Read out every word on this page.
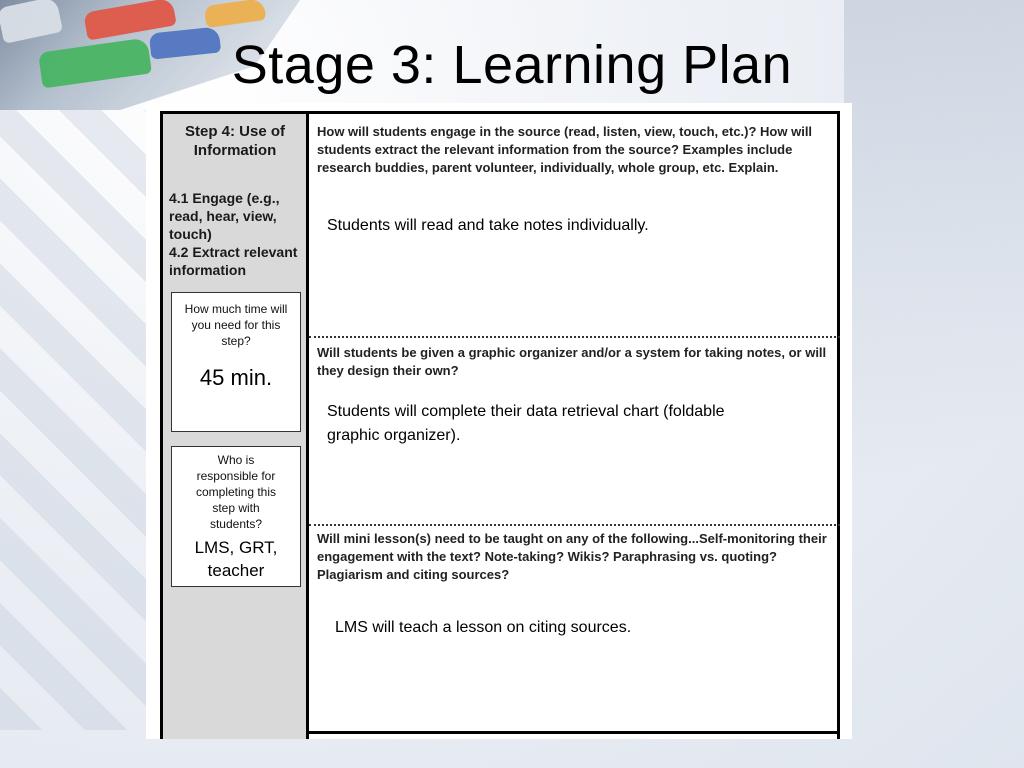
Stage 3: Learning Plan
Step 4: Use of Information
4.1 Engage (e.g., read, hear, view, touch)
4.2 Extract relevant information
How much time will you need for this step?
45 min.
Who is responsible for completing this step with students?
LMS, GRT,
teacher
How will students engage in the source (read, listen, view, touch, etc.)? How will students extract the relevant information from the source? Examples include research buddies, parent volunteer, individually, whole group, etc. Explain.
Students will read and take notes individually.
Will students be given a graphic organizer and/or a system for taking notes, or will they design their own?
Students will complete their data retrieval chart (foldable graphic organizer).
Will mini lesson(s) need to be taught on any of the following...Self-monitoring their engagement with the text? Note-taking? Wikis? Paraphrasing vs. quoting? Plagiarism and citing sources?
LMS will teach a lesson on citing sources.
